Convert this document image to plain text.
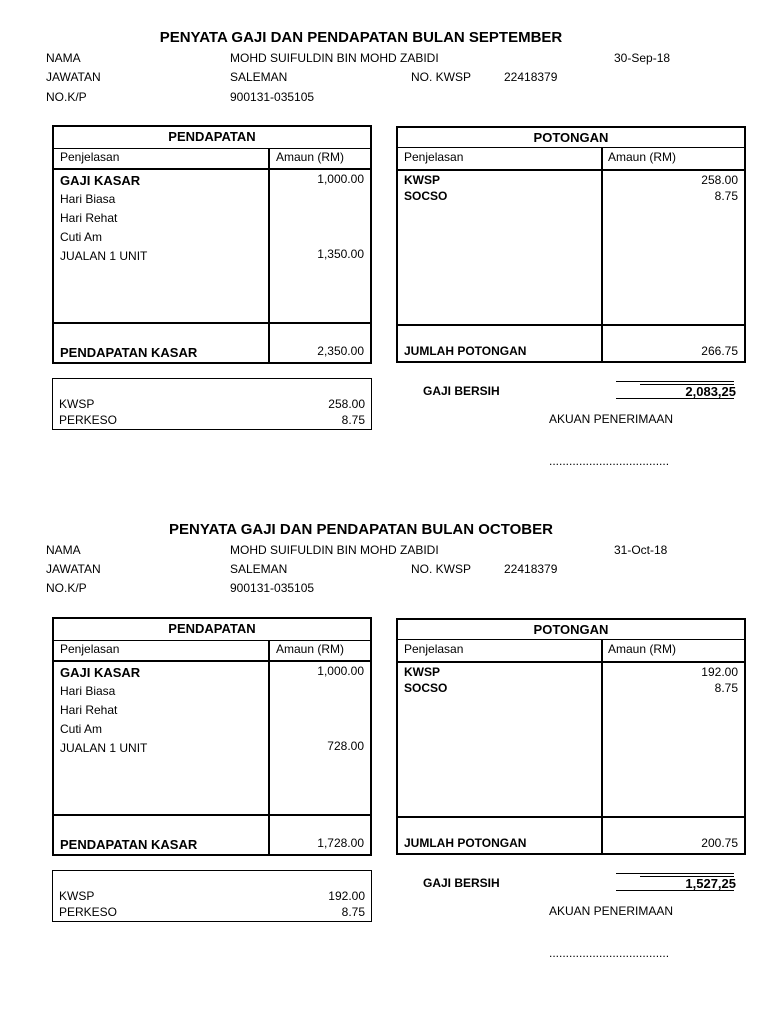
PENYATA GAJI DAN PENDAPATAN BULAN SEPTEMBER
NAMA	MOHD SUIFULDIN BIN MOHD ZABIDI	30-Sep-18
JAWATAN	SALEMAN	NO. KWSP	22418379
NO.K/P	900131-035105
PENDAPATAN
Penjelasan	Amaun (RM)
GAJI KASAR	1,000.00
Hari Biasa
Hari Rehat
Cuti Am
JUALAN 1 UNIT	1,350.00
PENDAPATAN KASAR	2,350.00
POTONGAN
Penjelasan	Amaun (RM)
KWSP	258.00
SOCSO	8.75
JUMLAH POTONGAN	266.75
KWSP	258.00
PERKESO	8.75
GAJI BERSIH	2,083,25
AKUAN PENERIMAAN
....................................
PENYATA GAJI DAN PENDAPATAN BULAN OCTOBER
NAMA	MOHD SUIFULDIN BIN MOHD ZABIDI	31-Oct-18
JAWATAN	SALEMAN	NO. KWSP	22418379
NO.K/P	900131-035105
PENDAPATAN
Penjelasan	Amaun (RM)
GAJI KASAR	1,000.00
Hari Biasa
Hari Rehat
Cuti Am
JUALAN 1 UNIT	728.00
PENDAPATAN KASAR	1,728.00
POTONGAN
Penjelasan	Amaun (RM)
KWSP	192.00
SOCSO	8.75
JUMLAH POTONGAN	200.75
KWSP	192.00
PERKESO	8.75
GAJI BERSIH	1,527,25
AKUAN PENERIMAAN
....................................
